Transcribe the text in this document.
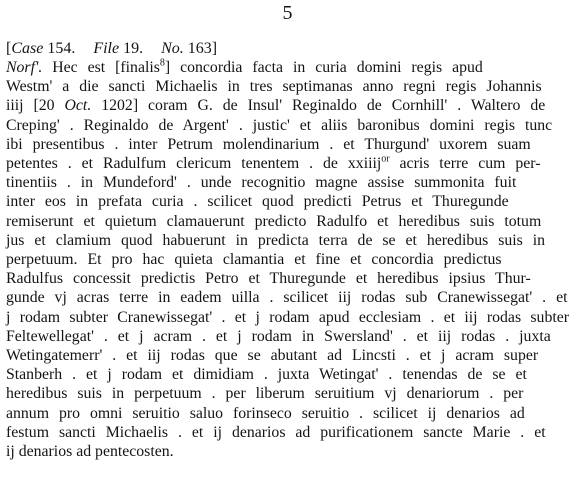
5
[Case 154. File 19. No. 163]
Norf'. Hec est [finalis$^8$] concordia facta in curia domini regis apud
Westm' a die sancti Michaelis in tres septimanas anno regni regis Johannis
iiij [20 Oct. 1202] coram G. de Insul' Reginaldo de Cornhill' . Waltero de
Creping' . Reginaldo de Argent' . justic' et aliis baronibus domini regis tunc
ibi presentibus . inter Petrum molendinarium . et Thurgund' uxorem suam
petentes . et Radulfum clericum tenentem . de xxiiij$^{or}$ acris terre cum per-
tinentiis . in Mundeford' . unde recognitio magne assise summonita fuit
inter eos in prefata curia . scilicet quod predicti Petrus et Thuregunde
remiserunt et quietum clamauerunt predicto Radulfo et heredibus suis totum
jus et clamium quod habuerunt in predicta terra de se et heredibus suis in
perpetuum. Et pro hac quieta clamantia et fine et concordia predictus
Radulfus concessit predictis Petro et Thuregunde et heredibus ipsius Thur-
gunde vj acras terre in eadem uilla . scilicet iij rodas sub Cranewissegat' . et
j rodam subter Cranewissegat' . et j rodam apud ecclesiam . et iij rodas subter
Feltewellegat' . et j acram . et j rodam in Swersland' . et iij rodas . juxta
Wetingatemerr' . et iij rodas que se abutant ad Lincsti . et j acram super
Stanberh . et j rodam et dimidiam . juxta Wetingat' . tenendas de se et
heredibus suis in perpetuum . per liberum seruitium vj denariorum . per
annum pro omni seruitio saluo forinseco seruitio . scilicet ij denarios ad
festum sancti Michaelis . et ij denarios ad purificationem sancte Marie . et
ij denarios ad pentecosten.
